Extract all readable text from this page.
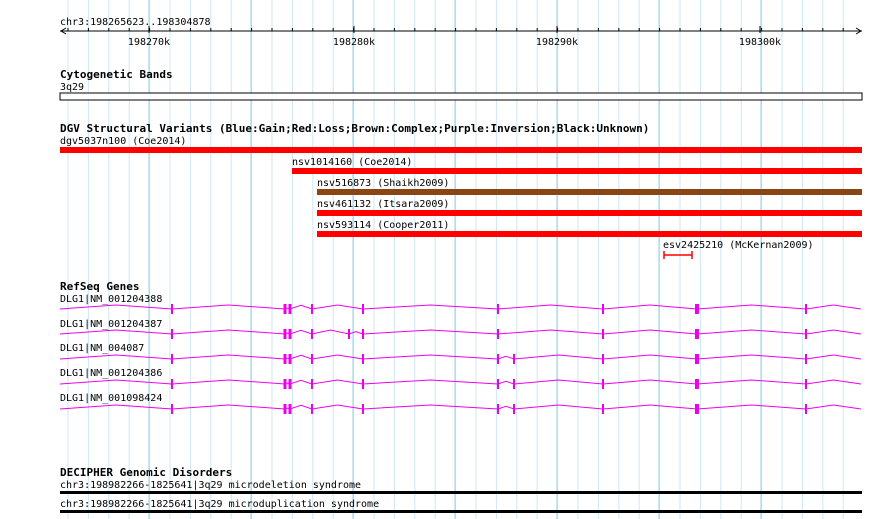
chr3:198265623..198304878
198270k	198280k	198290k	198300k
Cytogenetic Bands
3q29
DGV Structural Variants (Blue:Gain;Red:Loss;Brown:Complex;Purple:Inversion;Black:Unknown)
dgv5037n100 (Coe2014)
nsv1014160 (Coe2014)
nsv516873 (Shaikh2009)
nsv461132 (Itsara2009)
nsv593114 (Cooper2011)
esv2425210 (McKernan2009)
RefSeq Genes
DLG1|NM_001204388
DLG1|NM_001204387
DLG1|NM_004087
DLG1|NM_001204386
DLG1|NM_001098424
DECIPHER Genomic Disorders
chr3:198982266-1825641|3q29 microdeletion syndrome
chr3:198982266-1825641|3q29 microduplication syndrome
